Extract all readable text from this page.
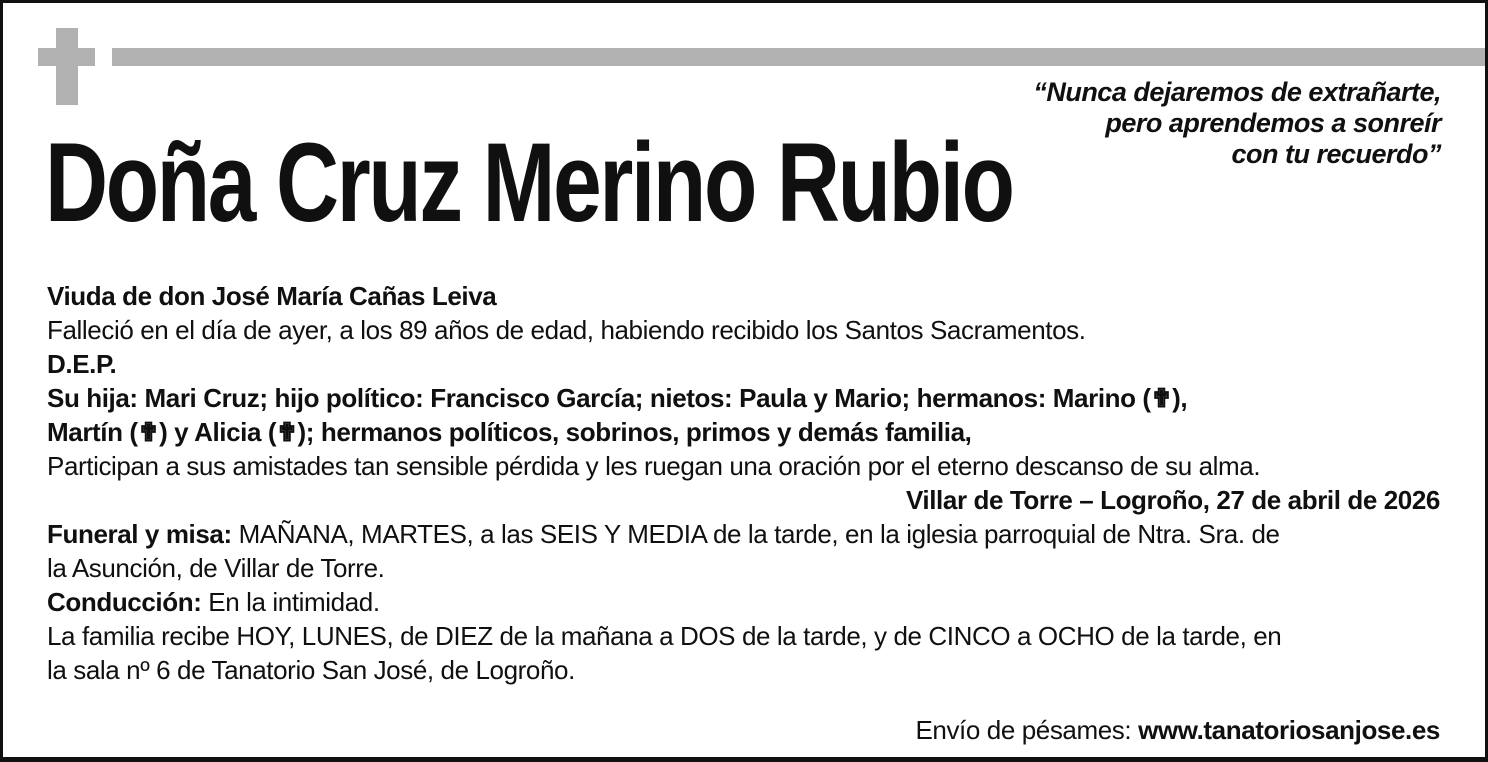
“Nunca dejaremos de extrañarte,
pero aprendemos a sonreír
con tu recuerdo”
Doña Cruz Merino Rubio

Viuda de don José María Cañas Leiva

Falleció en el día de ayer, a los 89 años de edad, habiendo recibido los Santos Sacramentos.

D.E.P.

Su hija: Mari Cruz; hijo político: Francisco García; nietos: Paula y Mario; hermanos: Marino (✟),
Martín (✟) y Alicia (✟); hermanos políticos, sobrinos, primos y demás familia,

Participan a sus amistades tan sensible pérdida y les ruegan una oración por el eterno descanso de su alma.

Villar de Torre – Logroño, 27 de abril de 2026

Funeral y misa: MAÑANA, MARTES, a las SEIS Y MEDIA de la tarde, en la iglesia parroquial de Ntra. Sra. de
la Asunción, de Villar de Torre.

Conducción: En la intimidad.

La familia recibe HOY, LUNES, de DIEZ de la mañana a DOS de la tarde, y de CINCO a OCHO de la tarde, en
la sala nº 6 de Tanatorio San José, de Logroño.

Envío de pésames: www.tanatoriosanjose.es
